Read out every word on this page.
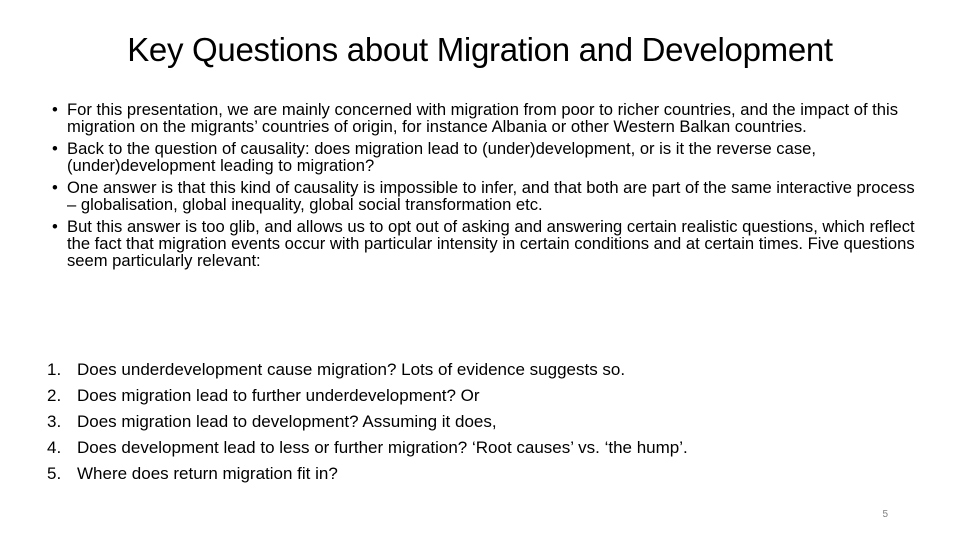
Key Questions about Migration and Development
• For this presentation, we are mainly concerned with migration from poor to richer countries, and the impact of this migration on the migrants’ countries of origin, for instance Albania or other Western Balkan countries.
• Back to the question of causality: does migration lead to (under)development, or is it the reverse case, (under)development leading to migration?
• One answer is that this kind of causality is impossible to infer, and that both are part of the same interactive process – globalisation, global inequality, global social transformation etc.
• But this answer is too glib, and allows us to opt out of asking and answering certain realistic questions, which reflect the fact that migration events occur with particular intensity in certain conditions and at certain times. Five questions seem particularly relevant:
1. Does underdevelopment cause migration? Lots of evidence suggests so.
2. Does migration lead to further underdevelopment? Or
3. Does migration lead to development? Assuming it does,
4. Does development lead to less or further migration? ‘Root causes’ vs. ‘the hump’.
5. Where does return migration fit in?
5
